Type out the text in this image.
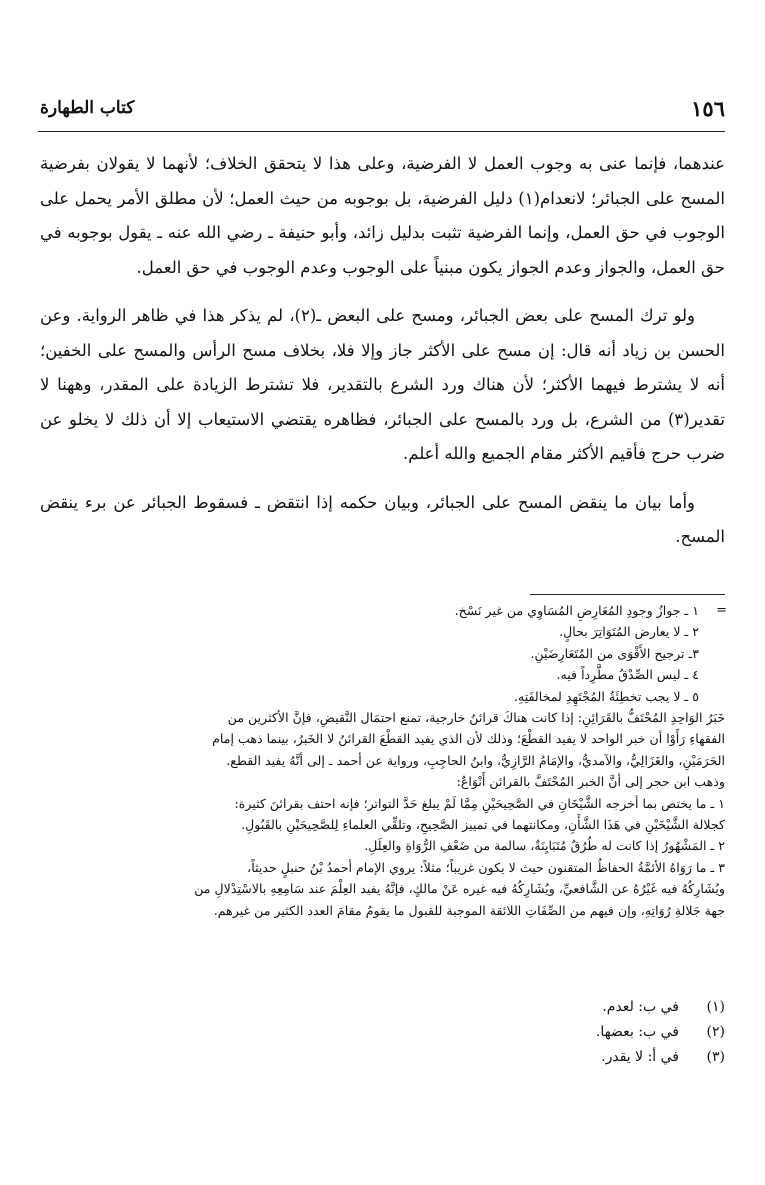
١٥٦
كتاب الطهارة

عندهما، فإنما عنى به وجوب العمل لا الفرضية، وعلى هذا لا يتحقق الخلاف؛ لأنهما لا يقولان بفرضية المسح على الجبائر؛ لانعدام(١) دليل الفرضية، بل بوجوبه من حيث العمل؛ لأن مطلق الأمر يحمل على الوجوب في حق العمل، وإنما الفرضية تثبت بدليل زائد، وأبو حنيفة ـ رضي الله عنه ـ يقول بوجوبه في حق العمل، والجواز وعدم الجواز يكون مبنياً على الوجوب وعدم الوجوب في حق العمل.

ولو ترك المسح على بعض الجبائر، ومسح على البعض ـ(٢)، لم يذكر هذا في ظاهر الرواية. وعن الحسن بن زياد أنه قال: إن مسح على الأكثر جاز وإلا فلا، بخلاف مسح الرأس والمسح على الخفين؛ أنه لا يشترط فيهما الأكثر؛ لأن هناك ورد الشرع بالتقدير، فلا تشترط الزيادة على المقدر، وههنا لا تقدير(٣) من الشرع، بل ورد بالمسح على الجبائر، فظاهره يقتضي الاستيعاب إلا أن ذلك لا يخلو عن ضرب حرج فأقيم الأكثر مقام الجميع والله أعلم.

وأما بيان ما ينقض المسح على الجبائر، وبيان حكمه إذا انتقض ـ فسقوط الجبائر عن برء ينقض المسح.

=
١ ـ جوازُ وجودِ المُعَارِضِ المُسَاوِي من غير نَسْخ.
٢ ـ لا يعارض المُتَوَاتِرَ بحالٍ.
٣ـ ترجيح الأَقْوَى من المُتَعَارِضَيْنِ.
٤ ـ ليس الصِّدْقُ مطَّرِداً فيه.
٥ ـ لا يجب تخطِئَةُ المُجْتَهِدِ لمخالفَتِهِ.
خَبَرُ الوَاحِدِ المُحْتَفُّ بالقَرَائِنِ: إذا كانت هناكَ قرائنُ خارجية، تمنع احتمَال النَّقيضِ، فإنَّ الأكثرين من
الفقهاءِ رَأَوْا أن خبر الواحد لا يفيد القطْعَ؛ وذلك لأن الذي يفيد القطْعَ القرائنُ لا الخَبرُ، بينما ذهب إمام
الحَرَمَيْنِ، والغَزَالِيُّ، والآمديُّ، والإمَامُ الرَّازِيُّ، وابنُ الحاجِبِ، ورواية عن أحمد ـ إلى أنَّهُ يفيد القطع.
وذهب ابن حجر إلى أنَّ الخبر المُحْتَفَّ بالقرائن أَنْوَاعٌ:
١ ـ ما يختص بما أخرجه الشَّيْخَانِ في الصَّحِيحَيْنِ مِمَّا لَمْ يبلغ حَدَّ التواتر؛ فإنه احتف بقرائنَ كثيرة:
كجلالة الشَّيْخَيْنِ في هَذَا الشَّأْنِ، ومكانتهما في تمييز الصَّحِيحِ، وتلقِّي العلماءِ لِلصَّحِيحَيْنِ بالقَبُولِ.
٢ ـ المَشْهُورُ إذا كانت له طُرُقٌ مُتَبَايِنَةٌ، سالمة من ضَعْفِ الرُّوَاةِ والعِلَلِ.
٣ ـ ما رَوَاهُ الأئمَّةُ الحفاظُ المتقنون حيث لا يكون غريباً؛ مثلاً: يروي الإمام أحمدُ بْنُ حنبلٍ حديثاً،
ويُشَارِكُهُ فيه غَيْرُهُ عن الشَّافعيِّ، ويُشَارِكُهُ فيه غيره عَنْ مالكٍ، فإنَّهُ يفيد العِلْمَ عند سَامِعِهِ بالاسْتِدْلالِ من
جهة جَلالةِ رُوَاتِهِ، وإن فيهم من الصِّفَاتِ اللائقة الموجبة للقبول ما يقومُ مقامَ العدد الكثير من غيرهم.
(١)
في ب: لعدم.
(٢)
في ب: بعضها.
(٣)
في أ: لا يقدر.
